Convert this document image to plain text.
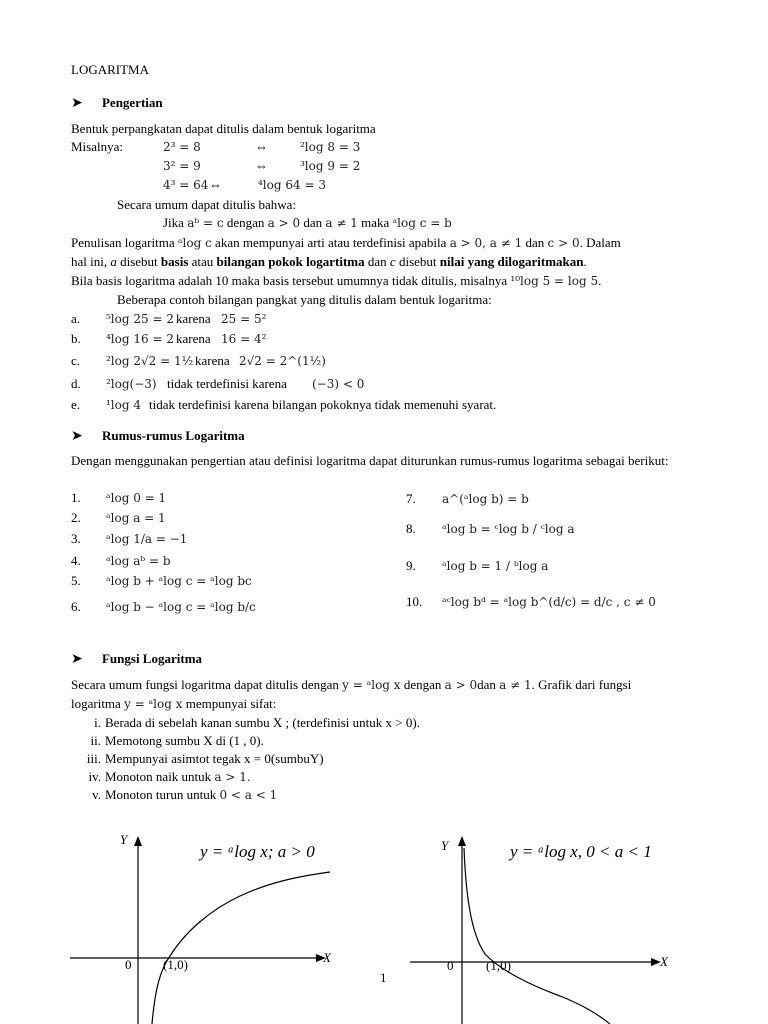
LOGARITMA
➤ Pengertian
Bentuk perpangkatan dapat ditulis dalam bentuk logaritma
Misalnya:	2³ = 8	⇔	²log 8 = 3
3² = 9	⇔	³log 9 = 2
4³ = 64 ⇔	⁴log 64 = 3
Secara umum dapat ditulis bahwa:
Jika aᵇ = c dengan a > 0 dan a ≠ 1 maka ᵃlog c = b
Penulisan logaritma ᵃlog c akan mempunyai arti atau terdefinisi apabila a > 0, a ≠ 1 dan c > 0. Dalam
hal ini, a disebut basis atau bilangan pokok logartitma dan c disebut nilai yang dilogaritmakan.
Bila basis logaritma adalah 10 maka basis tersebut umumnya tidak ditulis, misalnya ¹⁰log 5 = log 5.
Beberapa contoh bilangan pangkat yang ditulis dalam bentuk logaritma:
a. ⁵log 25 = 2 karena 25 = 5²
b. ⁴log 16 = 2 karena 16 = 4²
c. ²log 2√2 = 1½ karena 2√2 = 2^(1½)
d. ²log(−3) tidak terdefinisi karena (−3) < 0
e. ¹log 4 tidak terdefinisi karena bilangan pokoknya tidak memenuhi syarat.
➤ Rumus-rumus Logaritma
Dengan menggunakan pengertian atau definisi logaritma dapat diturunkan rumus-rumus logaritma sebagai berikut:
1. ᵃlog 0 = 1
2. ᵃlog a = 1
3. ᵃlog 1/a = −1
4. ᵃlog aᵇ = b
5. ᵃlog b + ᵃlog c = ᵃlog bc
6. ᵃlog b − ᵃlog c = ᵃlog b/c
7. a^(ᵃlog b) = b
8. ᵃlog b = ᶜlog b / ᶜlog a
9. ᵃlog b = 1 / ᵇlog a
10. ᵃᶜlog bᵈ = ᵃlog b^(d/c) = d/c , c ≠ 0
➤ Fungsi Logaritma
Secara umum fungsi logaritma dapat ditulis dengan y = ᵃlog x dengan a > 0dan a ≠ 1. Grafik dari fungsi
logaritma y = ᵃlog x mempunyai sifat:
i. Berada di sebelah kanan sumbu X ; (terdefinisi untuk x > 0).
ii. Memotong sumbu X di (1 , 0).
iii. Mempunyai asimtot tegak x = 0(sumbuY)
iv. Monoton naik untuk a > 1.
v. Monoton turun untuk 0 < a < 1
Y
X
0 (1,0)
y = ᵃlog x; a > 0	Y
X
0	(1,0)
y = ᵃlog x, 0 < a < 1
1
